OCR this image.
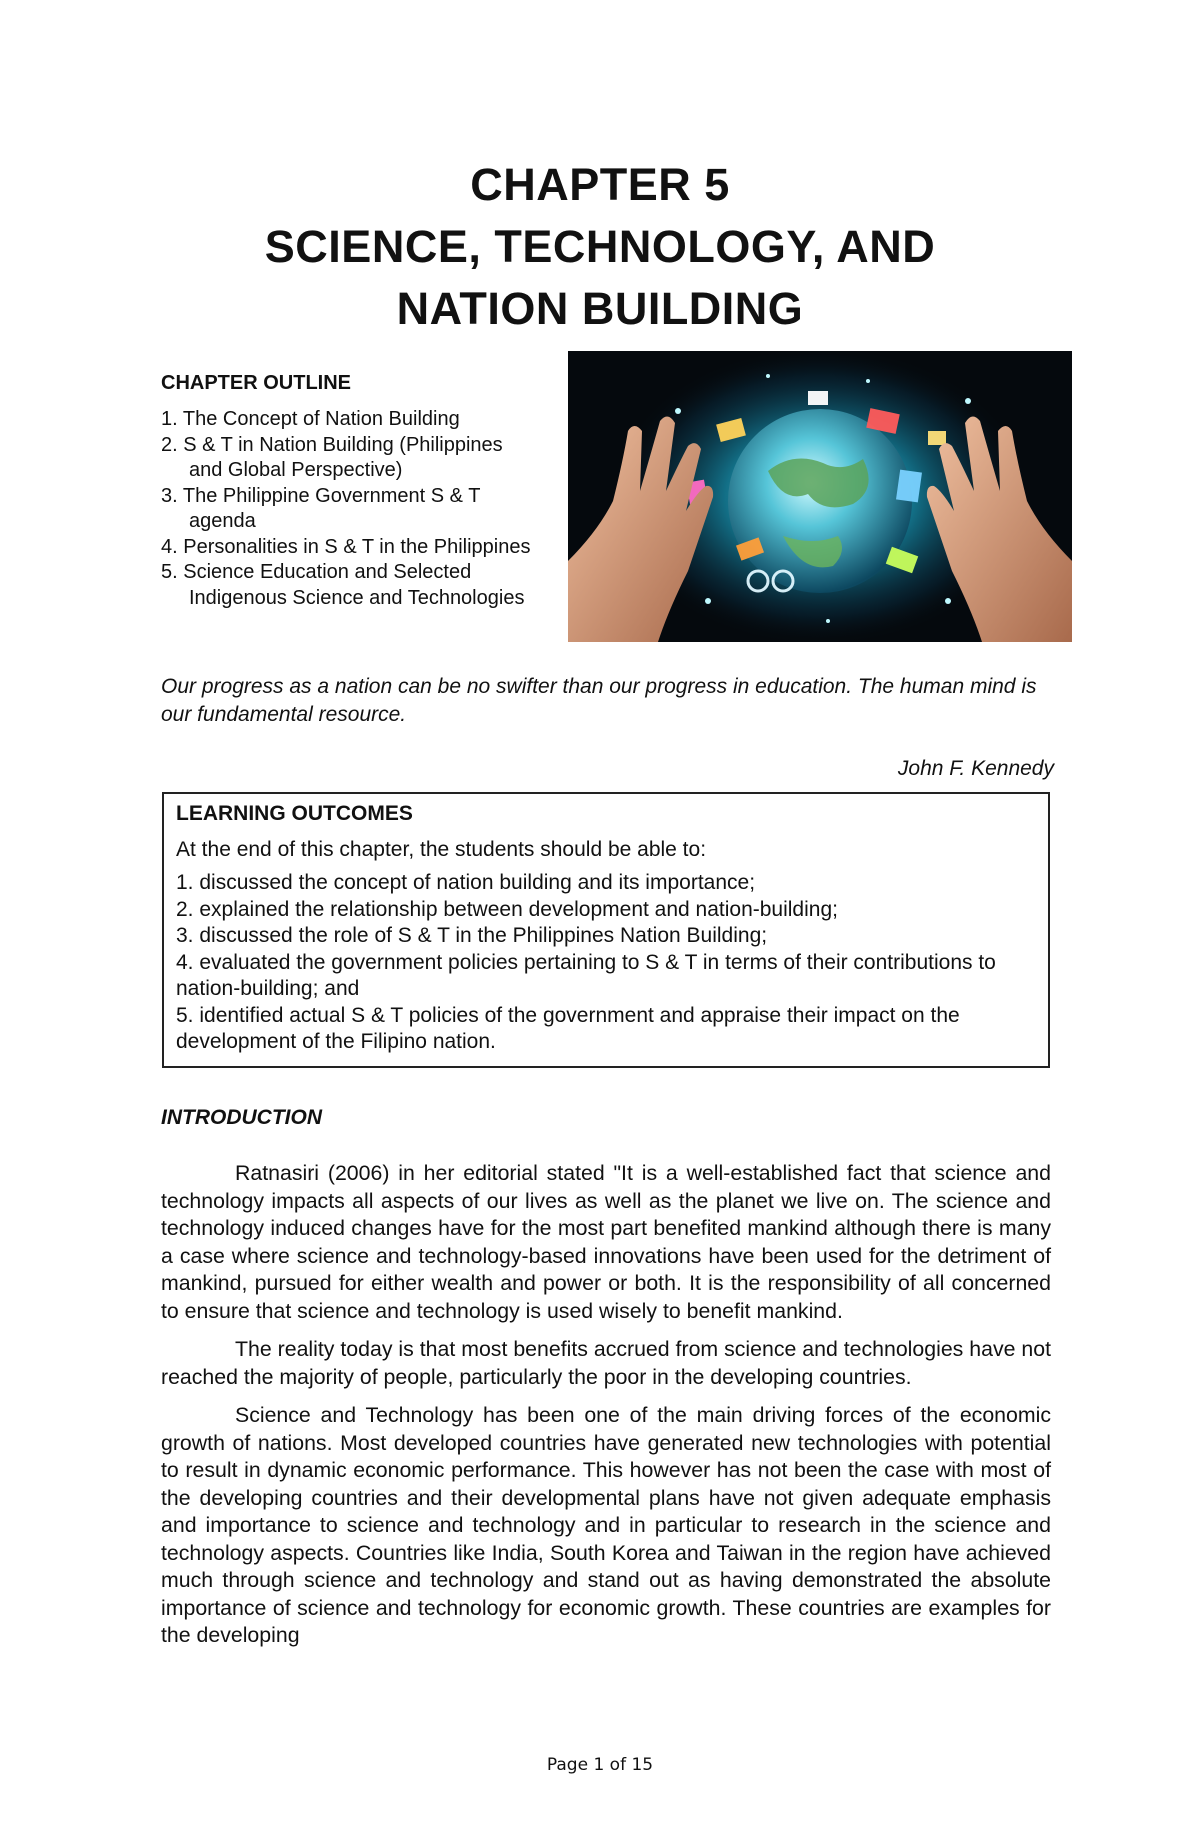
CHAPTER 5
SCIENCE, TECHNOLOGY, AND
NATION BUILDING
CHAPTER OUTLINE
1. The Concept of Nation Building
2. S & T in Nation Building (Philippines
and Global Perspective)
3. The Philippine Government S & T
agenda
4. Personalities in S & T in the Philippines
5. Science Education and Selected
Indigenous Science and Technologies
Our progress as a nation can be no swifter than our progress in education. The human mind is our fundamental resource.
John F. Kennedy
LEARNING OUTCOMES
At the end of this chapter, the students should be able to:
1. discussed the concept of nation building and its importance;
2. explained the relationship between development and nation-building;
3. discussed the role of S & T in the Philippines Nation Building;
4. evaluated the government policies pertaining to S & T in terms of their contributions to nation-building; and
5. identified actual S & T policies of the government and appraise their impact on the development of the Filipino nation.
INTRODUCTION

Ratnasiri (2006) in her editorial stated "It is a well-established fact that science and technology impacts all aspects of our lives as well as the planet we live on. The science and technology induced changes have for the most part benefited mankind although there is many a case where science and technology-based innovations have been used for the detriment of mankind, pursued for either wealth and power or both. It is the responsibility of all concerned to ensure that science and technology is used wisely to benefit mankind.

The reality today is that most benefits accrued from science and technologies have not reached the majority of people, particularly the poor in the developing countries.

Science and Technology has been one of the main driving forces of the economic growth of nations. Most developed countries have generated new technologies with potential to result in dynamic economic performance. This however has not been the case with most of the developing countries and their developmental plans have not given adequate emphasis and importance to science and technology and in particular to research in the science and technology aspects. Countries like India, South Korea and Taiwan in the region have achieved much through science and technology and stand out as having demonstrated the absolute importance of science and technology for economic growth. These countries are examples for the developing

Page 1 of 15
